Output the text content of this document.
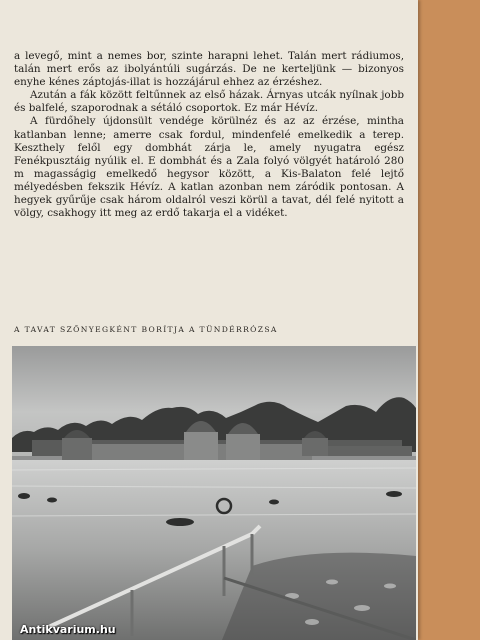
a levegő, mint a nemes bor, szinte harapni lehet. Talán mert rádiumos, talán mert erős az ibolyántúli sugárzás. De ne kerteljünk — bizonyos enyhe kénes záptojás-illat is hozzájárul ehhez az érzéshez.

Azután a fák között feltűnnek az első házak. Árnyas utcák nyílnak jobb és balfelé, szaporodnak a sétáló csoportok. Ez már Hévíz.

A fürdőhely újdonsült vendége körülnéz és az az érzése, mintha katlanban lenne; amerre csak fordul, mindenfelé emelkedik a terep. Keszthely felől egy dombhát zárja le, amely nyugatra egész Fenékpusztáig nyúlik el. E dombhát és a Zala folyó völgyét határoló 280 m magasságig emelkedő hegysor között, a Kis-Balaton felé lejtő mélyedésben fekszik Hévíz. A katlan azonban nem záródik pontosan. A hegyek gyűrűje csak három oldalról veszi körül a tavat, dél felé nyitott a völgy, csakhogy itt meg az erdő takarja el a vidéket.

A TAVAT SZŐNYEGKÉNT BORÍTJA A TÜNDÉRRÓZSA
Antikvarium.hu
